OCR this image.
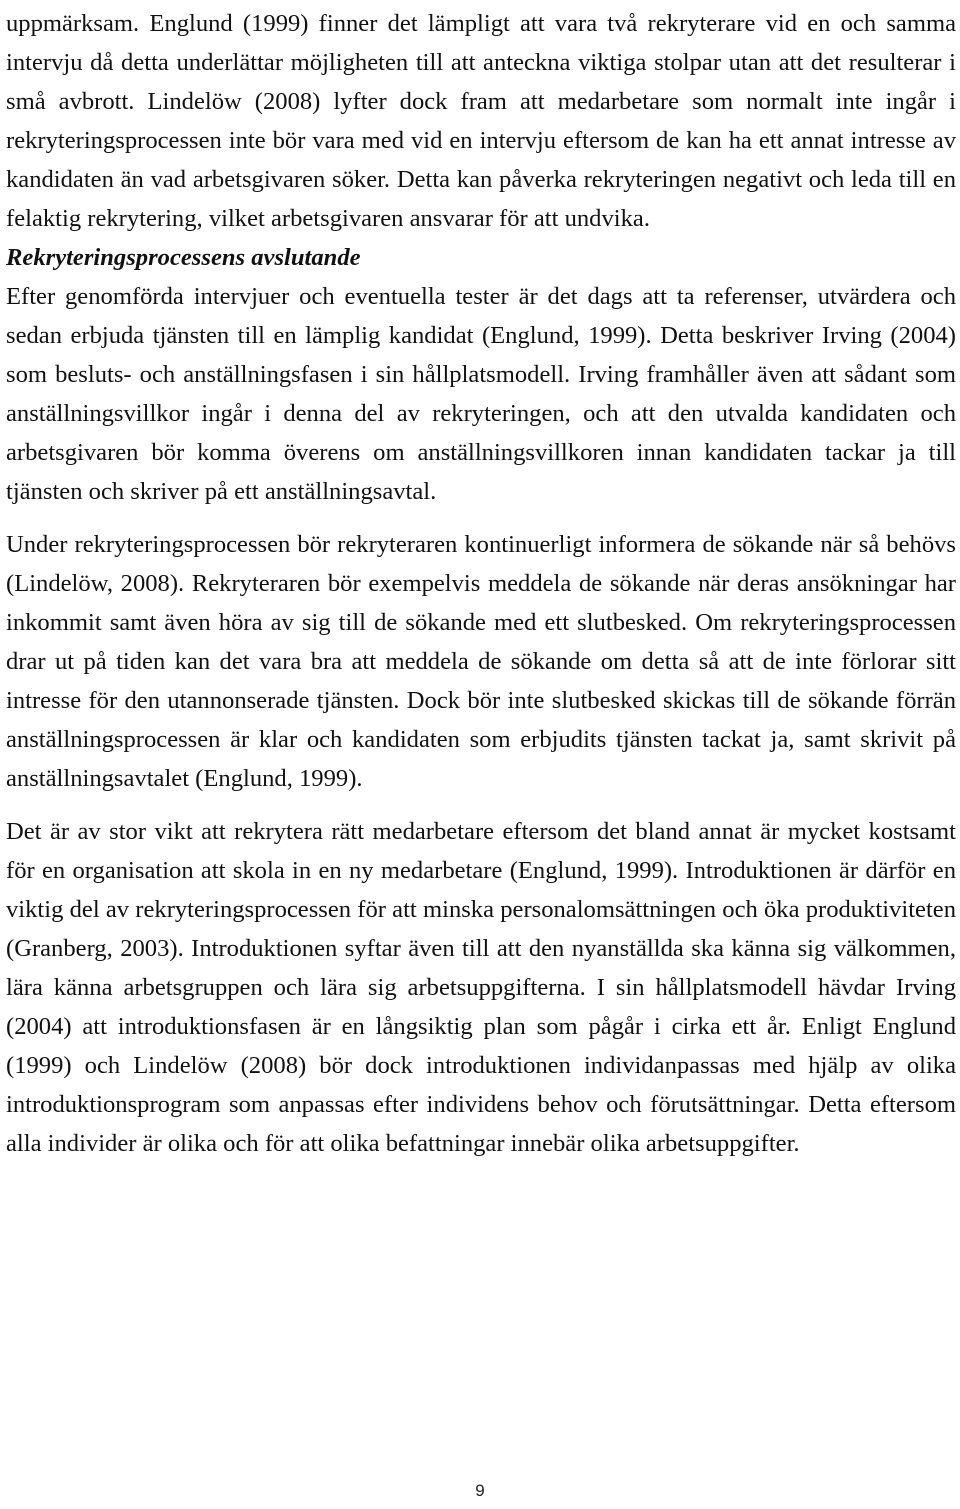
uppmärksam. Englund (1999) finner det lämpligt att vara två rekryterare vid en och samma intervju då detta underlättar möjligheten till att anteckna viktiga stolpar utan att det resulterar i små avbrott. Lindelöw (2008) lyfter dock fram att medarbetare som normalt inte ingår i rekryteringsprocessen inte bör vara med vid en intervju eftersom de kan ha ett annat intresse av kandidaten än vad arbetsgivaren söker. Detta kan påverka rekryteringen negativt och leda till en felaktig rekrytering, vilket arbetsgivaren ansvarar för att undvika.

Rekryteringsprocessens avslutande

Efter genomförda intervjuer och eventuella tester är det dags att ta referenser, utvärdera och sedan erbjuda tjänsten till en lämplig kandidat (Englund, 1999). Detta beskriver Irving (2004) som besluts- och anställningsfasen i sin hållplatsmodell. Irving framhåller även att sådant som anställningsvillkor ingår i denna del av rekryteringen, och att den utvalda kandidaten och arbetsgivaren bör komma överens om anställningsvillkoren innan kandidaten tackar ja till tjänsten och skriver på ett anställningsavtal.

Under rekryteringsprocessen bör rekryteraren kontinuerligt informera de sökande när så behövs (Lindelöw, 2008). Rekryteraren bör exempelvis meddela de sökande när deras ansökningar har inkommit samt även höra av sig till de sökande med ett slutbesked. Om rekryteringsprocessen drar ut på tiden kan det vara bra att meddela de sökande om detta så att de inte förlorar sitt intresse för den utannonserade tjänsten. Dock bör inte slutbesked skickas till de sökande förrän anställningsprocessen är klar och kandidaten som erbjudits tjänsten tackat ja, samt skrivit på anställningsavtalet (Englund, 1999).

Det är av stor vikt att rekrytera rätt medarbetare eftersom det bland annat är mycket kostsamt för en organisation att skola in en ny medarbetare (Englund, 1999). Introduktionen är därför en viktig del av rekryteringsprocessen för att minska personalomsättningen och öka produktiviteten (Granberg, 2003). Introduktionen syftar även till att den nyanställda ska känna sig välkommen, lära känna arbetsgruppen och lära sig arbetsuppgifterna. I sin hållplatsmodell hävdar Irving (2004) att introduktionsfasen är en långsiktig plan som pågår i cirka ett år. Enligt Englund (1999) och Lindelöw (2008) bör dock introduktionen individanpassas med hjälp av olika introduktionsprogram som anpassas efter individens behov och förutsättningar. Detta eftersom alla individer är olika och för att olika befattningar innebär olika arbetsuppgifter.

9
